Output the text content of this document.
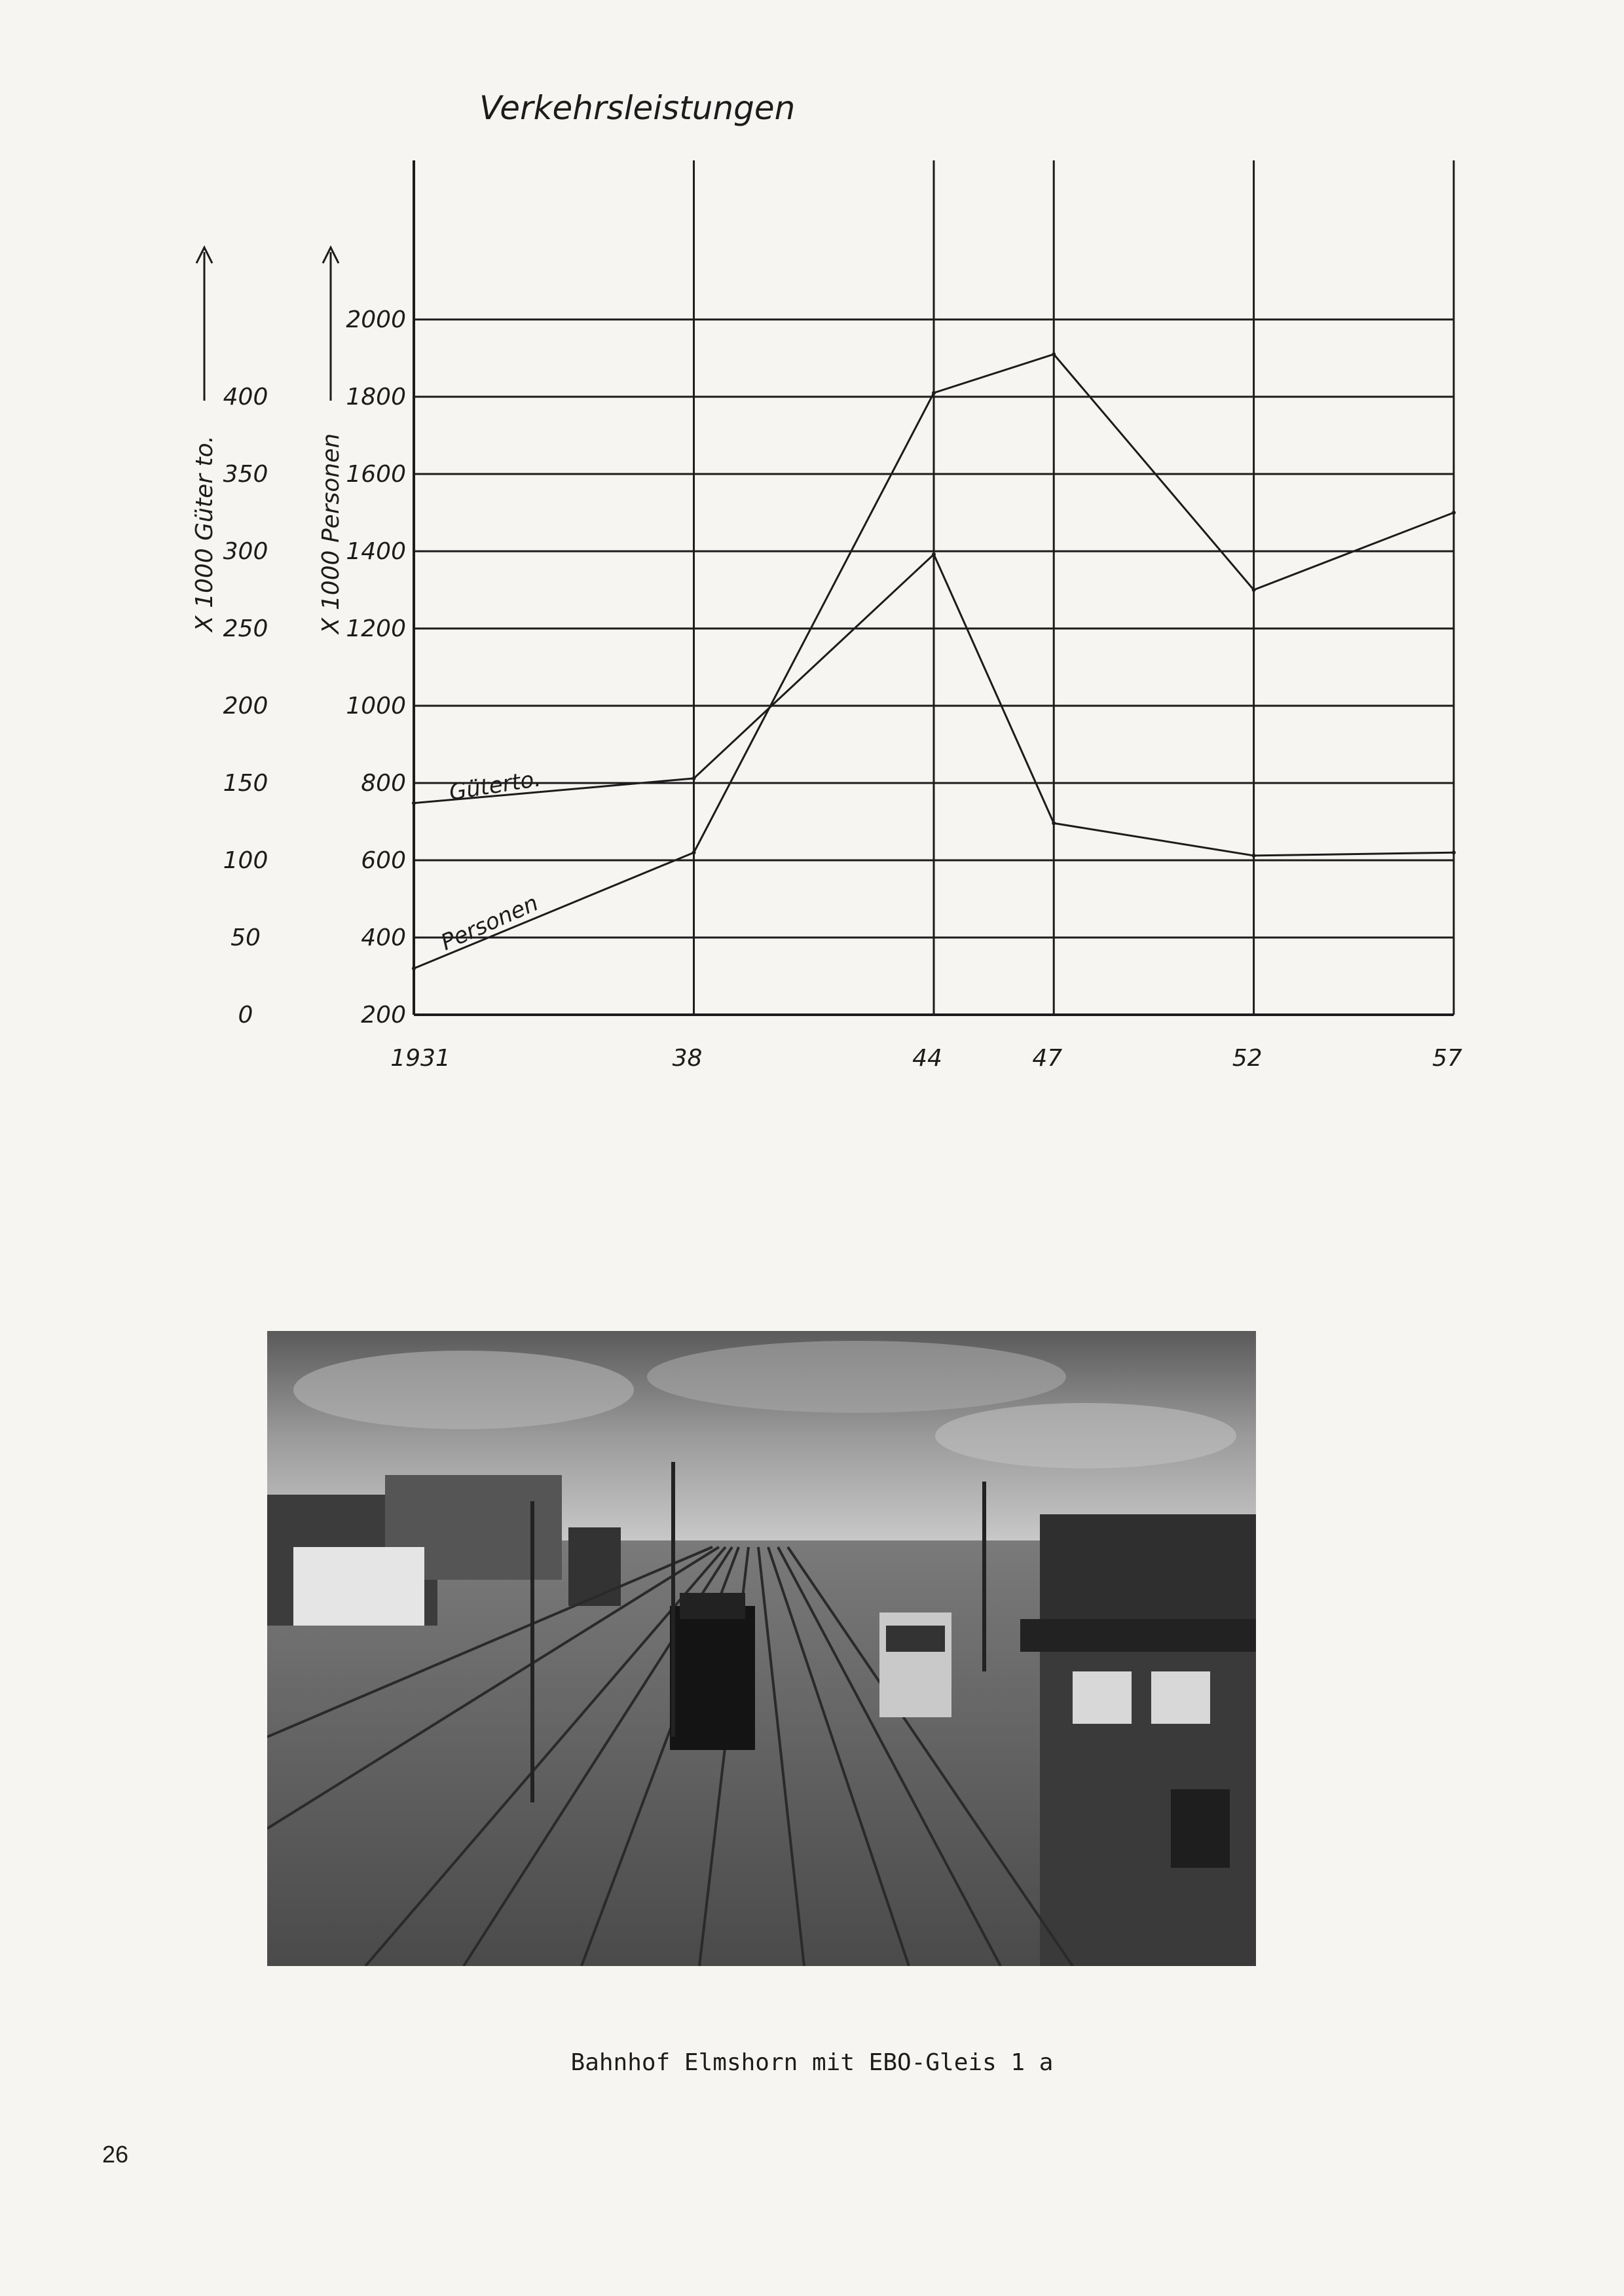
Verkehrsleistungen
0
50
100
150
200
250
300
350
400
200
400
600
800
1000
1200
1400
1600
1800
2000
1931	38	44	47	52	57
X 1000 Güter to.	X 1000 Personen
Güterto.
Personen
Bahnhof Elmshorn mit EBO-Gleis 1 a
26
